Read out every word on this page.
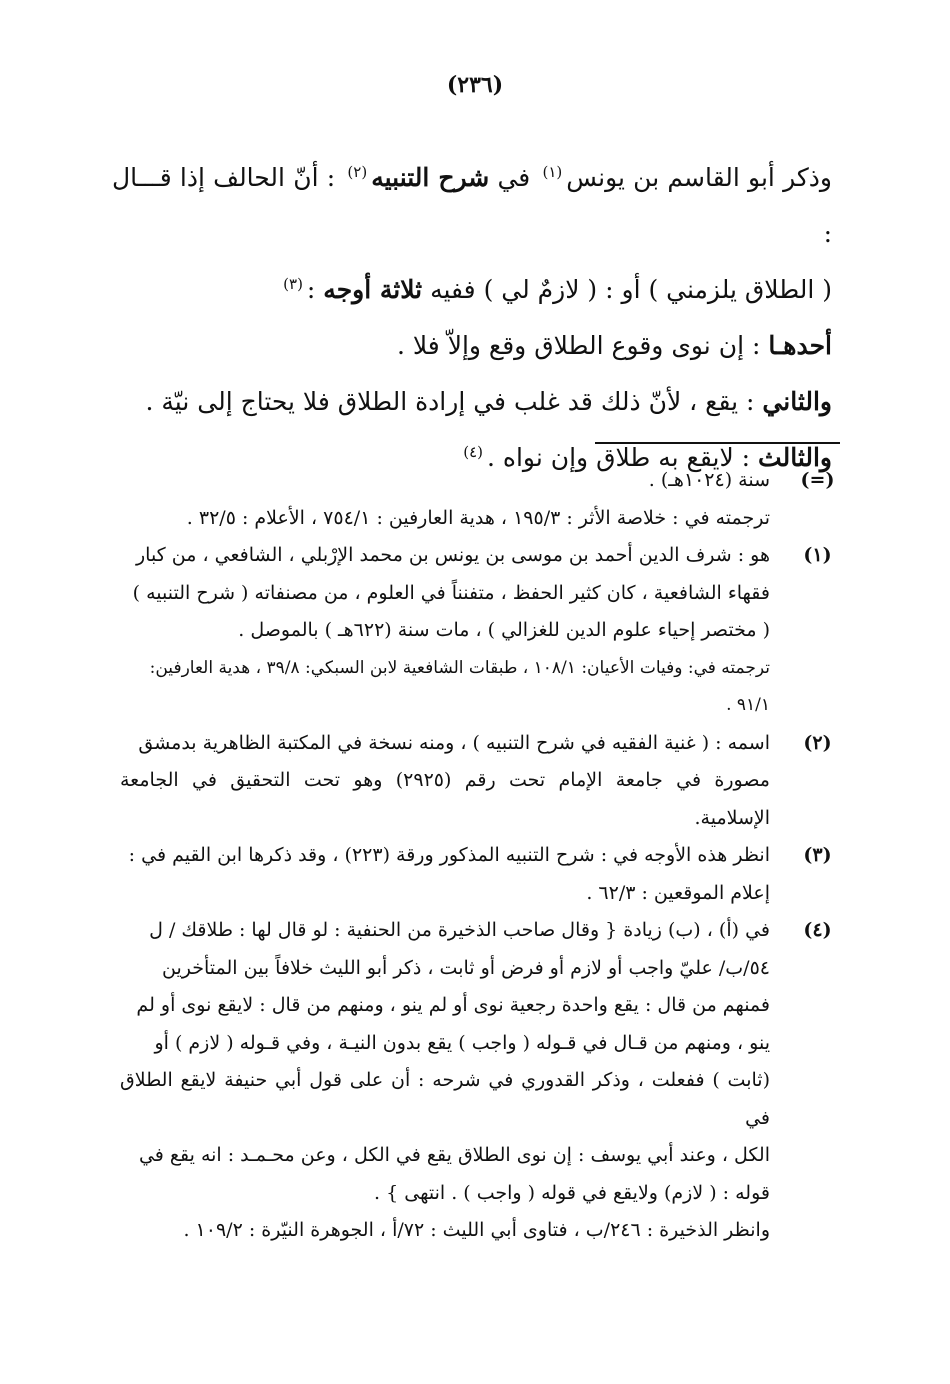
(٢٣٦)

وذكر أبو القاسم بن يونس$^{(١)}$ في شرح التنبيه$^{(٢)}$ : أنّ الحالف إذا قـــال :

( الطلاق يلزمني ) أو : ( لازمٌ لي ) ففيه ثلاثة أوجه :$^{(٣)}$

أحدهـا : إن نوى وقوع الطلاق وقع وإلاّ فلا .

والثاني : يقع ، لأنّ ذلك قد غلب في إرادة الطلاق فلا يحتاج إلى نيّة .

والثالث : لايقع به طلاق وإن نواه .$^{(٤)}$

(=)
سنة (١٠٢٤هـ) .
ترجمته في : خلاصة الأثر : ١٩٥/٣ ، هدية العارفين : ٧٥٤/١ ، الأعلام : ٣٢/٥ .
(١)
هو : شرف الدين أحمد بن موسى بن يونس بن محمد الإرْبلي ، الشافعي ، من كبار
فقهاء الشافعية ، كان كثير الحفظ ، متفنناً في العلوم ، من مصنفاته ( شرح التنبيه )
( مختصر إحياء علوم الدين للغزالي ) ، مات سنة (٦٢٢هـ ) بالموصل .
ترجمته في: وفيات الأعيان: ١٠٨/١ ، طبقات الشافعية لابن السبكي: ٣٩/٨ ، هدية العارفين: ٩١/١ .
(٢)
اسمه : ( غنية الفقيه في شرح التنبيه ) ، ومنه نسخة في المكتبة الظاهرية بدمشق
مصورة في جامعة الإمام تحت رقم (٢٩٢٥) وهو تحت التحقيق في الجامعة الإسلامية.
(٣)
انظر هذه الأوجه في : شرح التنبيه المذكور ورقة (٢٢٣) ، وقد ذكرها ابن القيم في :
إعلام الموقعين : ٦٢/٣ .
(٤)
في (أ) ، (ب) زيادة { وقال صاحب الذخيرة من الحنفية : لو قال لها : طلاقك / ل
٥٤/ب/ عليّ واجب أو لازم أو فرض أو ثابت ، ذكر أبو الليث خلافاً بين المتأخرين
فمنهم من قال : يقع واحدة رجعية نوى أو لم ينو ، ومنهم من قال : لايقع نوى أو لم
ينو ، ومنهم من قـال في قـوله ( واجب ) يقع بدون النيـة ، وفي قـوله ( لازم ) أو
(ثابت ) ففعلت ، وذكر القدوري في شرحه : أن على قول أبي حنيفة لايقع الطلاق في
الكل ، وعند أبي يوسف : إن نوى الطلاق يقع في الكل ، وعن محـمـد : انه يقع في
قوله : ( لازم) ولايقع في قوله ( واجب ) . انتهى } .
وانظر الذخيرة : ٢٤٦/ب ، فتاوى أبي الليث : ٧٢/أ ، الجوهرة النيّرة : ١٠٩/٢ .
